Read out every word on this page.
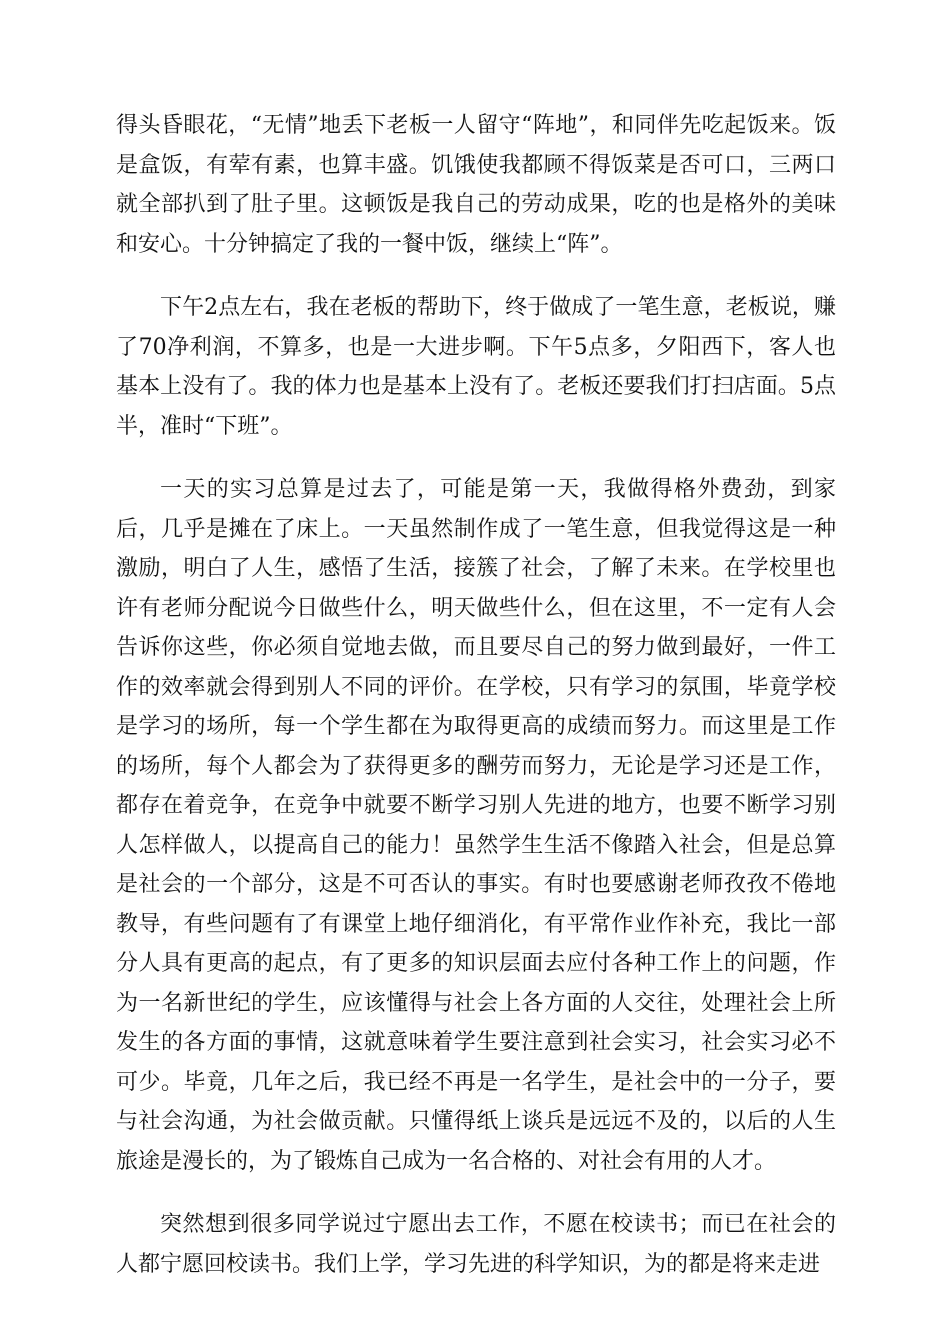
得头昏眼花，“无情”地丢下老板一人留守“阵地”，和同伴先吃起饭来。饭是盒饭，有荤有素，也算丰盛。饥饿使我都顾不得饭菜是否可口，三两口就全部扒到了肚子里。这顿饭是我自己的劳动成果，吃的也是格外的美味和安心。十分钟搞定了我的一餐中饭，继续上“阵”。

下午2点左右，我在老板的帮助下，终于做成了一笔生意，老板说，赚了70净利润，不算多，也是一大进步啊。下午5点多，夕阳西下，客人也基本上没有了。我的体力也是基本上没有了。老板还要我们打扫店面。5点半，准时“下班”。

一天的实习总算是过去了，可能是第一天，我做得格外费劲，到家后，几乎是摊在了床上。一天虽然制作成了一笔生意，但我觉得这是一种激励，明白了人生，感悟了生活，接簇了社会，了解了未来。在学校里也许有老师分配说今日做些什么，明天做些什么，但在这里，不一定有人会告诉你这些，你必须自觉地去做，而且要尽自己的努力做到最好，一件工作的效率就会得到别人不同的评价。在学校，只有学习的氛围，毕竟学校是学习的场所，每一个学生都在为取得更高的成绩而努力。而这里是工作的场所，每个人都会为了获得更多的酬劳而努力，无论是学习还是工作，都存在着竞争，在竞争中就要不断学习别人先进的地方，也要不断学习别人怎样做人，以提高自己的能力！虽然学生生活不像踏入社会，但是总算是社会的一个部分，这是不可否认的事实。有时也要感谢老师孜孜不倦地教导，有些问题有了有课堂上地仔细消化，有平常作业作补充，我比一部分人具有更高的起点，有了更多的知识层面去应付各种工作上的问题，作为一名新世纪的学生，应该懂得与社会上各方面的人交往，处理社会上所发生的各方面的事情，这就意味着学生要注意到社会实习，社会实习必不可少。毕竟，几年之后，我已经不再是一名学生，是社会中的一分子，要与社会沟通，为社会做贡献。只懂得纸上谈兵是远远不及的，以后的人生旅途是漫长的，为了锻炼自己成为一名合格的、对社会有用的人才。

突然想到很多同学说过宁愿出去工作，不愿在校读书；而已在社会的人都宁愿回校读书。我们上学，学习先进的科学知识，为的都是将来走进
